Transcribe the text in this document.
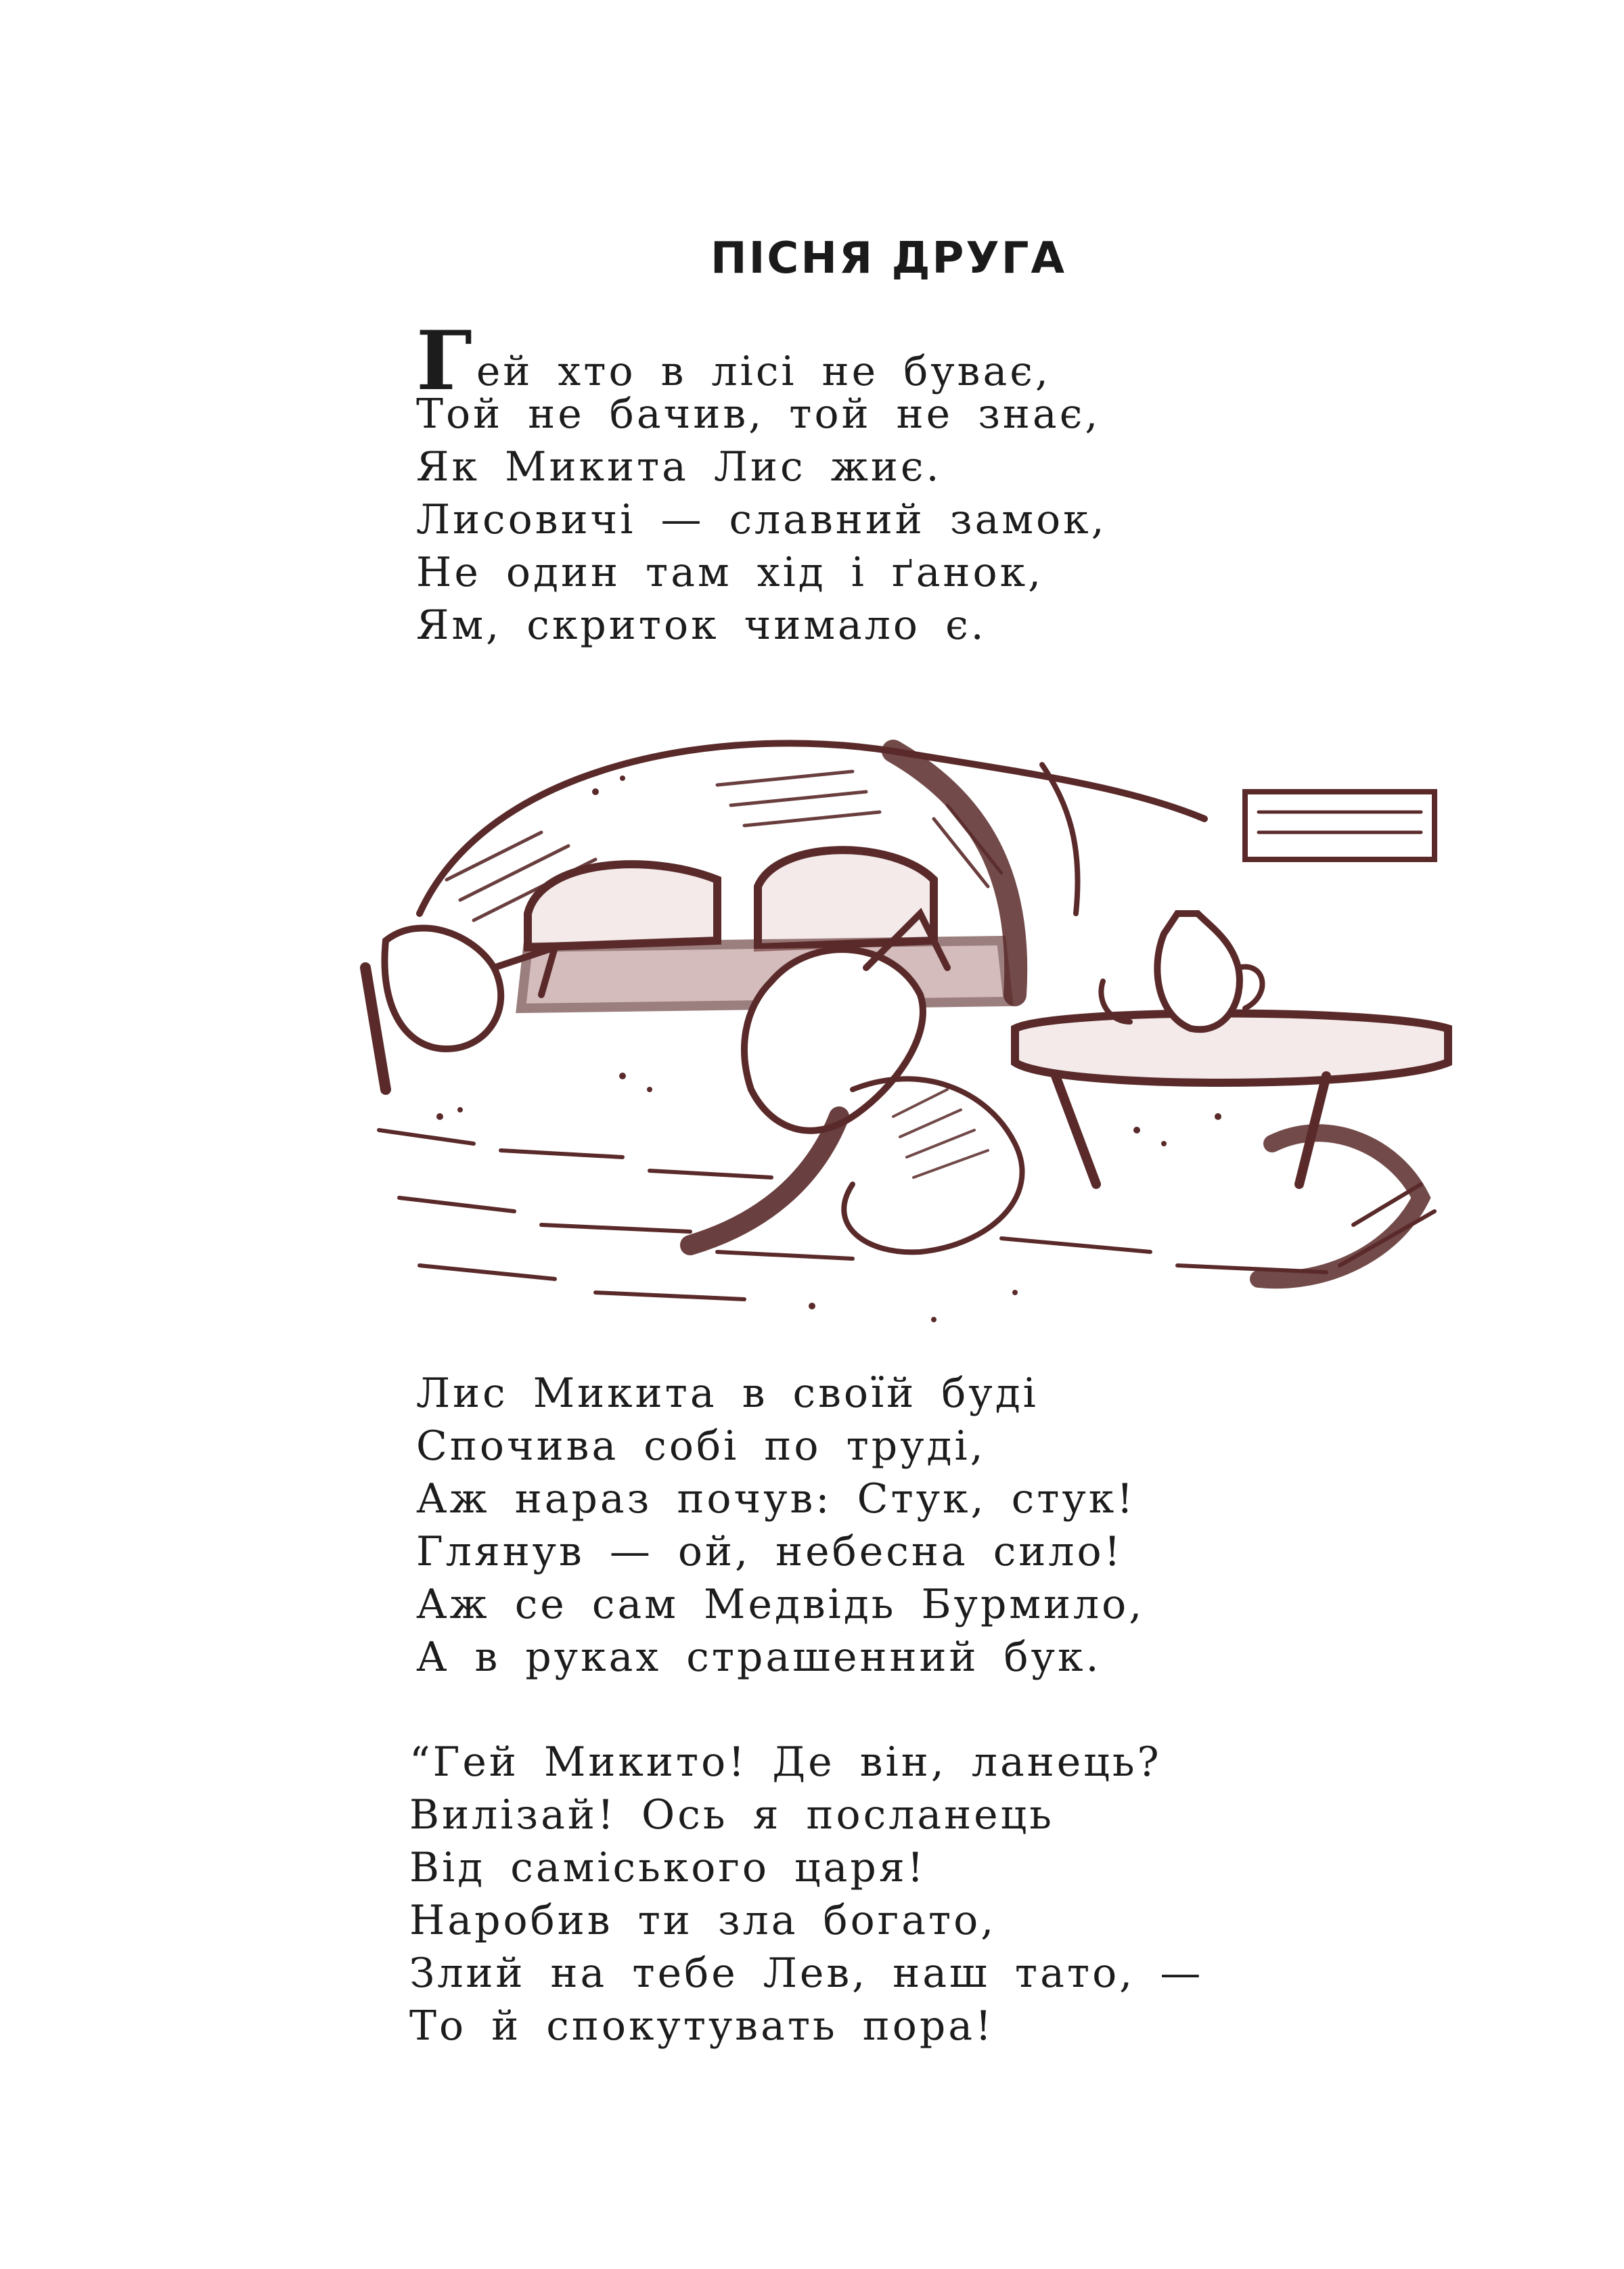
ПІСНЯ ДРУГА
Гей хто в лісі не буває,
Той не бачив, той не знає,
Як Микита Лис жиє.
Лисовичі — славний замок,
Не один там хід і ґанок,
Ям, скриток чимало є.
Лис Микита в своїй буді
Спочива собі по труді,
Аж нараз почув: Стук, стук!
Глянув — ой, небесна сило!
Аж се сам Медвідь Бурмило,
А в руках страшенний бук.
“Гей Микито! Де він, ланець?
Вилізай! Ось я посланець
Від саміського царя!
Наробив ти зла богато,
Злий на тебе Лев, наш тато, —
То й спокутувать пора!
